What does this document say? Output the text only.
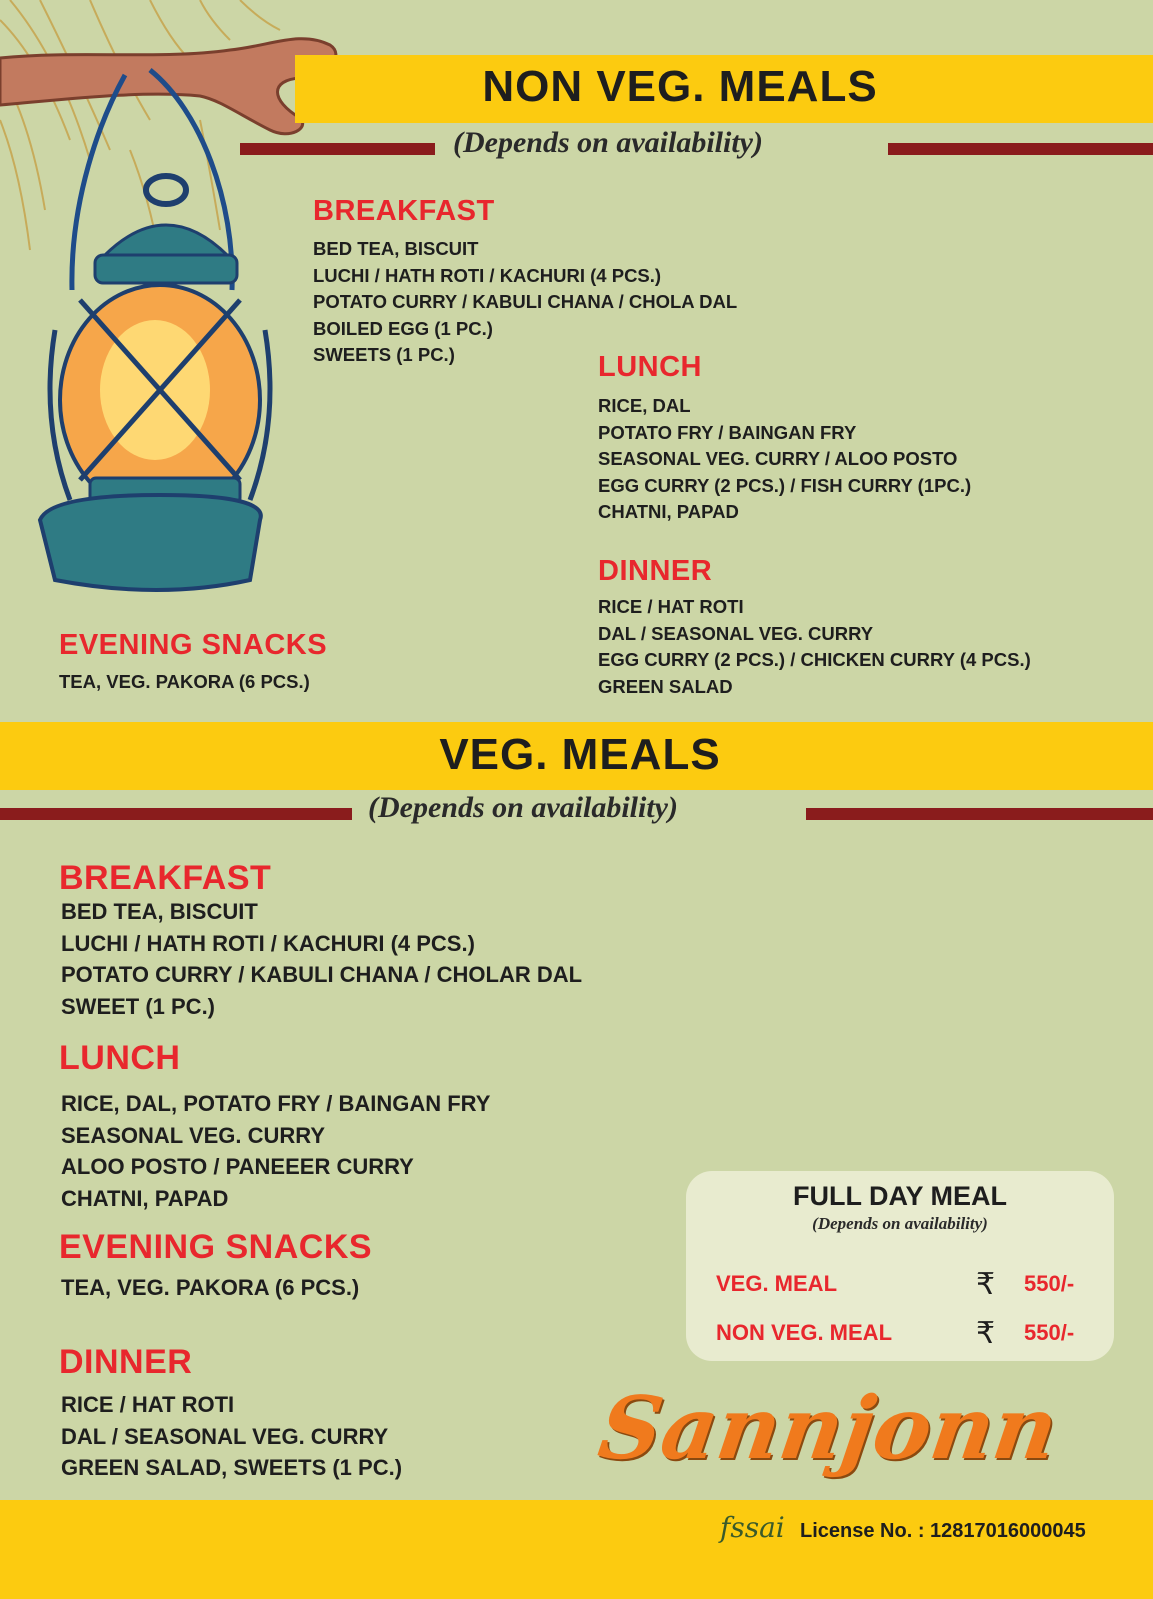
NON VEG. MEALS
(Depends on availability)
BREAKFAST
BED TEA, BISCUIT
LUCHI / HATH ROTI / KACHURI (4 PCS.)
POTATO CURRY / KABULI CHANA / CHOLA DAL
BOILED EGG (1 PC.)
SWEETS (1 PC.)	LUNCH
RICE, DAL
POTATO FRY / BAINGAN FRY
SEASONAL VEG. CURRY / ALOO POSTO
EGG CURRY (2 PCS.) / FISH CURRY (1PC.)
CHATNI, PAPAD
DINNER
RICE / HAT ROTI
DAL / SEASONAL VEG. CURRY
EGG CURRY (2 PCS.) / CHICKEN CURRY (4 PCS.)
GREEN SALAD
EVENING SNACKS
TEA, VEG. PAKORA (6 PCS.)
VEG. MEALS
(Depends on availability)
BREAKFAST
BED TEA, BISCUIT
LUCHI / HATH ROTI / KACHURI (4 PCS.)
POTATO CURRY / KABULI CHANA / CHOLAR DAL
SWEET (1 PC.)
LUNCH
RICE, DAL, POTATO FRY / BAINGAN FRY
SEASONAL VEG. CURRY
ALOO POSTO / PANEEER CURRY
CHATNI, PAPAD
EVENING SNACKS
TEA, VEG. PAKORA (6 PCS.)
DINNER
RICE / HAT ROTI
DAL / SEASONAL VEG. CURRY
GREEN SALAD, SWEETS (1 PC.)
FULL DAY MEAL
(Depends on availability)
VEG. MEAL	₹ 550/-
NON VEG. MEAL	₹ 550/-
Sannjonn
fssai License No. : 12817016000045
